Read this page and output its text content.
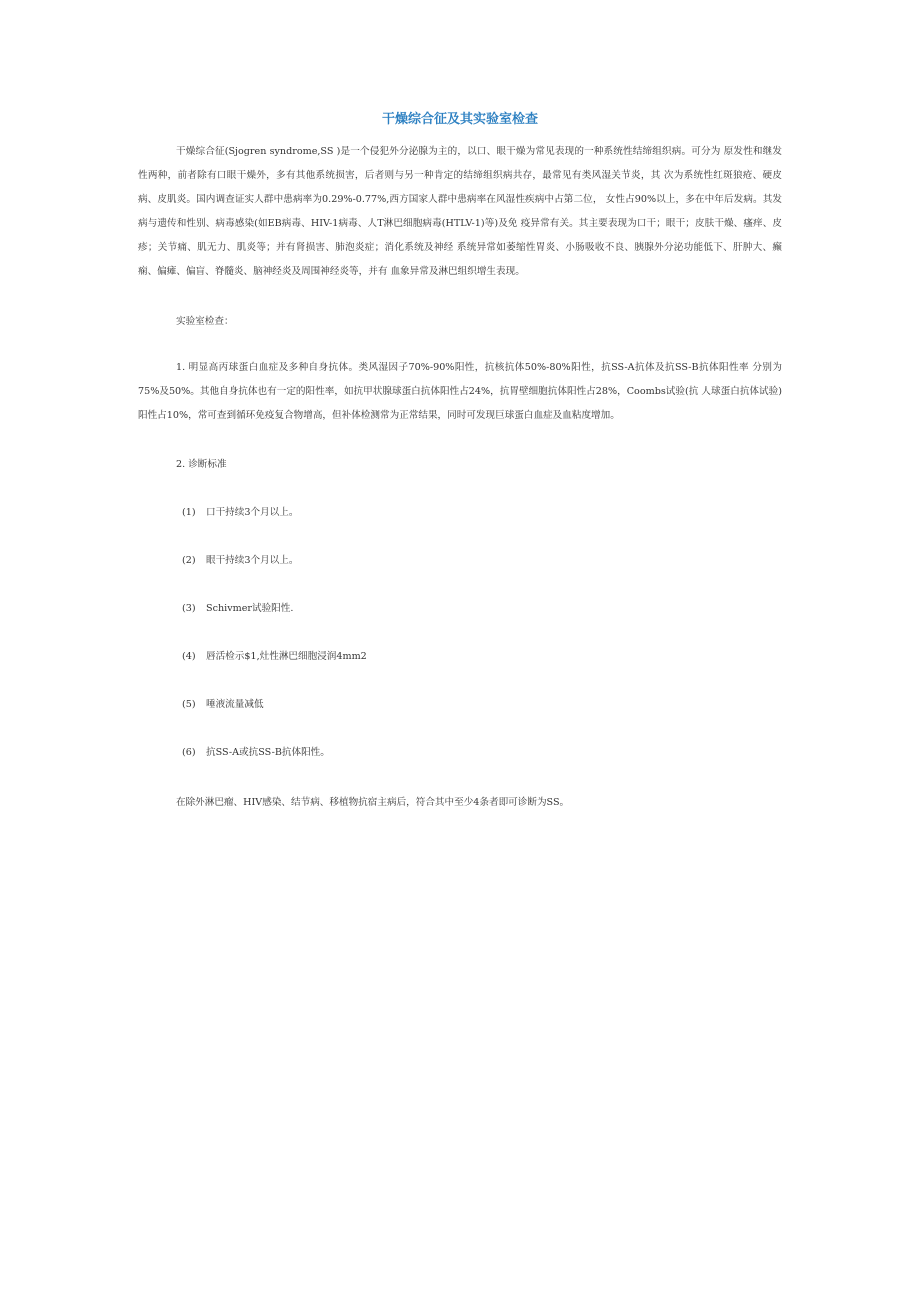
干燥综合征及其实验室检查

干燥综合征(Sjogren syndrome,SS )是一个侵犯外分泌腺为主的，以口、眼干燥为常见表现的一种系统性结缔组织病。可分为 原发性和继发性两种，前者除有口眼干燥外，多有其他系统损害，后者则与另一种肯定的结缔组织病共存，最常见有类风湿关节炎，其 次为系统性红斑狼疮、硬皮病、皮肌炎。国内调查证实人群中患病率为0.29%-0.77%,西方国家人群中患病率在风湿性疾病中占第二位， 女性占90%以上，多在中年后发病。其发病与遗传和性别、病毒感染(如EB病毒、HIV-1病毒、人T淋巴细胞病毒(HTLV-1)等)及免 疫异常有关。其主要表现为口干；眼干；皮肤干燥、瘙痒、皮疹；关节痛、肌无力、肌炎等；并有肾损害、肺泡炎症；消化系统及神经 系统异常如萎缩性胃炎、小肠吸收不良、胰腺外分泌功能低下、肝肿大、癫痫、偏瘫、偏盲、脊髓炎、脑神经炎及周围神经炎等，并有 血象异常及淋巴组织增生表现。

实验室检查：

1. 明显高丙球蛋白血症及多种自身抗体。类风湿因子70%-90%阳性，抗核抗体50%-80%阳性，抗SS-A抗体及抗SS-B抗体阳性率 分别为75%及50%。其他自身抗体也有一定的阳性率，如抗甲状腺球蛋白抗体阳性占24%，抗胃壁细胞抗体阳性占28%，Coombs试验(抗 人球蛋白抗体试验)阳性占10%，常可查到循环免疫复合物增高，但补体检测常为正常结果，同时可发现巨球蛋白血症及血粘度增加。

2. 诊断标准

(1) 口干持续3个月以上。

(2) 眼干持续3个月以上。

(3) Schivmer试验阳性.

(4) 唇活检示$1,灶性淋巴细胞浸润4mm2

(5) 唾液流量减低

(6) 抗SS-A或抗SS-B抗体阳性。

在除外淋巴瘤、HIV感染、结节病、移植物抗宿主病后，符合其中至少4条者即可诊断为SS。
